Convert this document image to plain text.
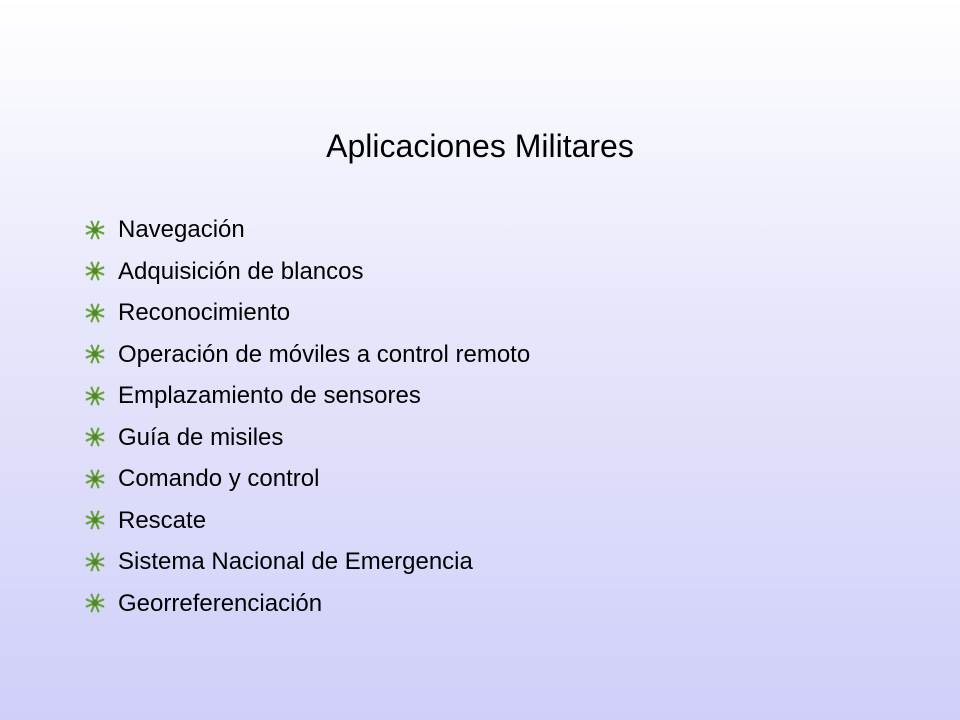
Aplicaciones Militares
Navegación
Adquisición de blancos
Reconocimiento
Operación de móviles a control remoto
Emplazamiento de sensores
Guía de misiles
Comando y control
Rescate
Sistema Nacional de Emergencia
Georreferenciación
